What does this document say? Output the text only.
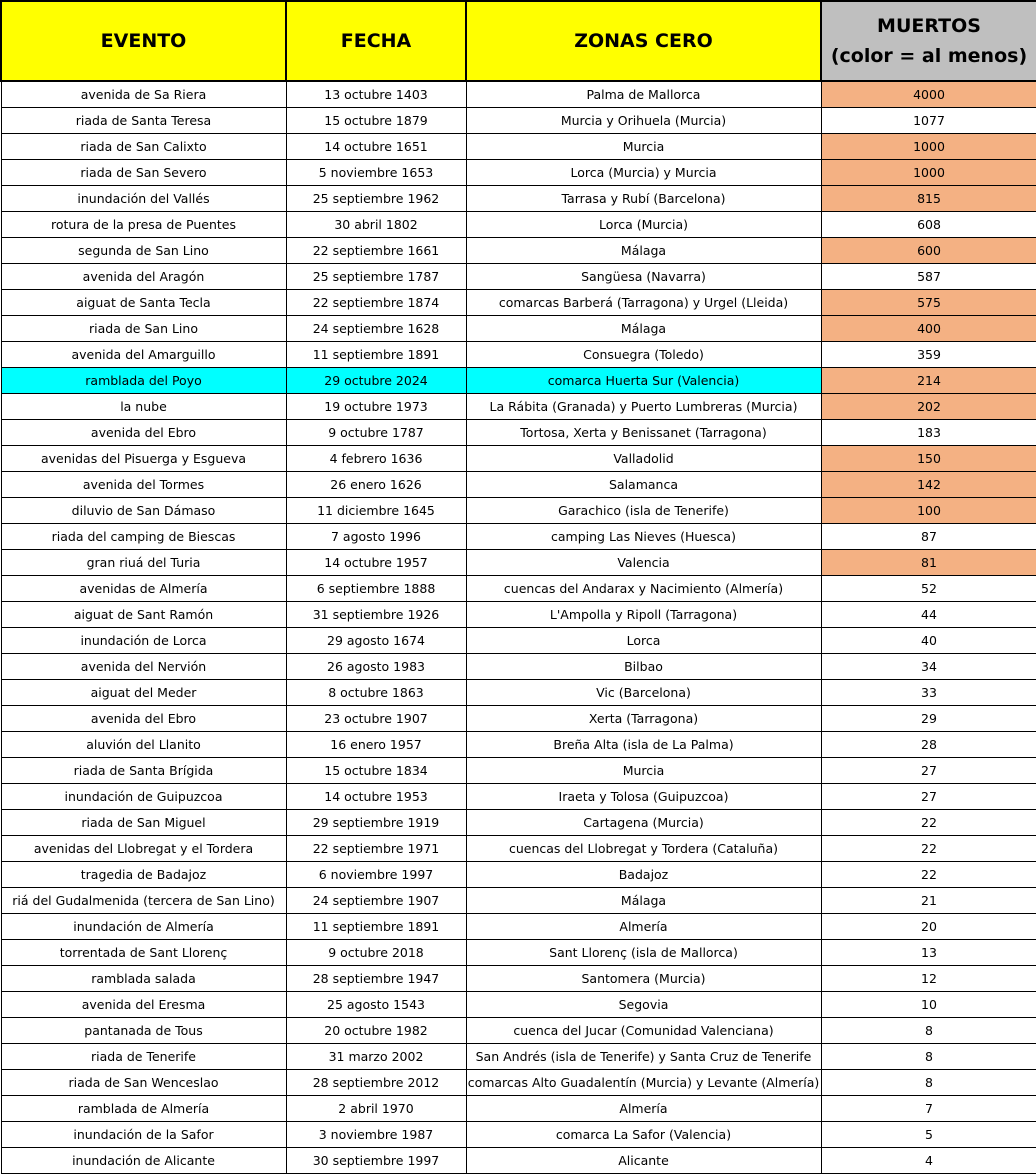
EVENTO	FECHA	ZONAS CERO	MUERTOS
(color = al menos)
avenida de Sa Riera	13 octubre 1403	Palma de Mallorca	4000
riada de Santa Teresa	15 octubre 1879	Murcia y Orihuela (Murcia)	1077
riada de San Calixto	14 octubre 1651	Murcia	1000
riada de San Severo	5 noviembre 1653	Lorca (Murcia) y Murcia	1000
inundación del Vallés	25 septiembre 1962	Tarrasa y Rubí (Barcelona)	815
rotura de la presa de Puentes	30 abril 1802	Lorca (Murcia)	608
segunda de San Lino	22 septiembre 1661	Málaga	600
avenida del Aragón	25 septiembre 1787	Sangüesa (Navarra)	587
aiguat de Santa Tecla	22 septiembre 1874	comarcas Barberá (Tarragona) y Urgel (Lleida)	575
riada de San Lino	24 septiembre 1628	Málaga	400
avenida del Amarguillo	11 septiembre 1891	Consuegra (Toledo)	359
ramblada del Poyo	29 octubre 2024	comarca Huerta Sur (Valencia)	214
la nube	19 octubre 1973	La Rábita (Granada) y Puerto Lumbreras (Murcia)	202
avenida del Ebro	9 octubre 1787	Tortosa, Xerta y Benissanet (Tarragona)	183
avenidas del Pisuerga y Esgueva	4 febrero 1636	Valladolid	150
avenida del Tormes	26 enero 1626	Salamanca	142
diluvio de San Dámaso	11 diciembre 1645	Garachico (isla de Tenerife)	100
riada del camping de Biescas	7 agosto 1996	camping Las Nieves (Huesca)	87
gran riuá del Turia	14 octubre 1957	Valencia	81
avenidas de Almería	6 septiembre 1888	cuencas del Andarax y Nacimiento (Almería)	52
aiguat de Sant Ramón	31 septiembre 1926	L'Ampolla y Ripoll (Tarragona)	44
inundación de Lorca	29 agosto 1674	Lorca	40
avenida del Nervión	26 agosto 1983	Bilbao	34
aiguat del Meder	8 octubre 1863	Vic (Barcelona)	33
avenida del Ebro	23 octubre 1907	Xerta (Tarragona)	29
aluvión del Llanito	16 enero 1957	Breña Alta (isla de La Palma)	28
riada de Santa Brígida	15 octubre 1834	Murcia	27
inundación de Guipuzcoa	14 octubre 1953	Iraeta y Tolosa (Guipuzcoa)	27
riada de San Miguel	29 septiembre 1919	Cartagena (Murcia)	22
avenidas del Llobregat y el Tordera	22 septiembre 1971	cuencas del Llobregat y Tordera (Cataluña)	22
tragedia de Badajoz	6 noviembre 1997	Badajoz	22
riá del Gudalmenida (tercera de San Lino)	24 septiembre 1907	Málaga	21
inundación de Almería	11 septiembre 1891	Almería	20
torrentada de Sant Llorenç	9 octubre 2018	Sant Llorenç (isla de Mallorca)	13
ramblada salada	28 septiembre 1947	Santomera (Murcia)	12
avenida del Eresma	25 agosto 1543	Segovia	10
pantanada de Tous	20 octubre 1982	cuenca del Jucar (Comunidad Valenciana)	8
riada de Tenerife	31 marzo 2002	San Andrés (isla de Tenerife) y Santa Cruz de Tenerife	8
riada de San Wenceslao	28 septiembre 2012	comarcas Alto Guadalentín (Murcia) y Levante (Almería)	8
ramblada de Almería	2 abril 1970	Almería	7
inundación de la Safor	3 noviembre 1987	comarca La Safor (Valencia)	5
inundación de Alicante	30 septiembre 1997	Alicante	4
